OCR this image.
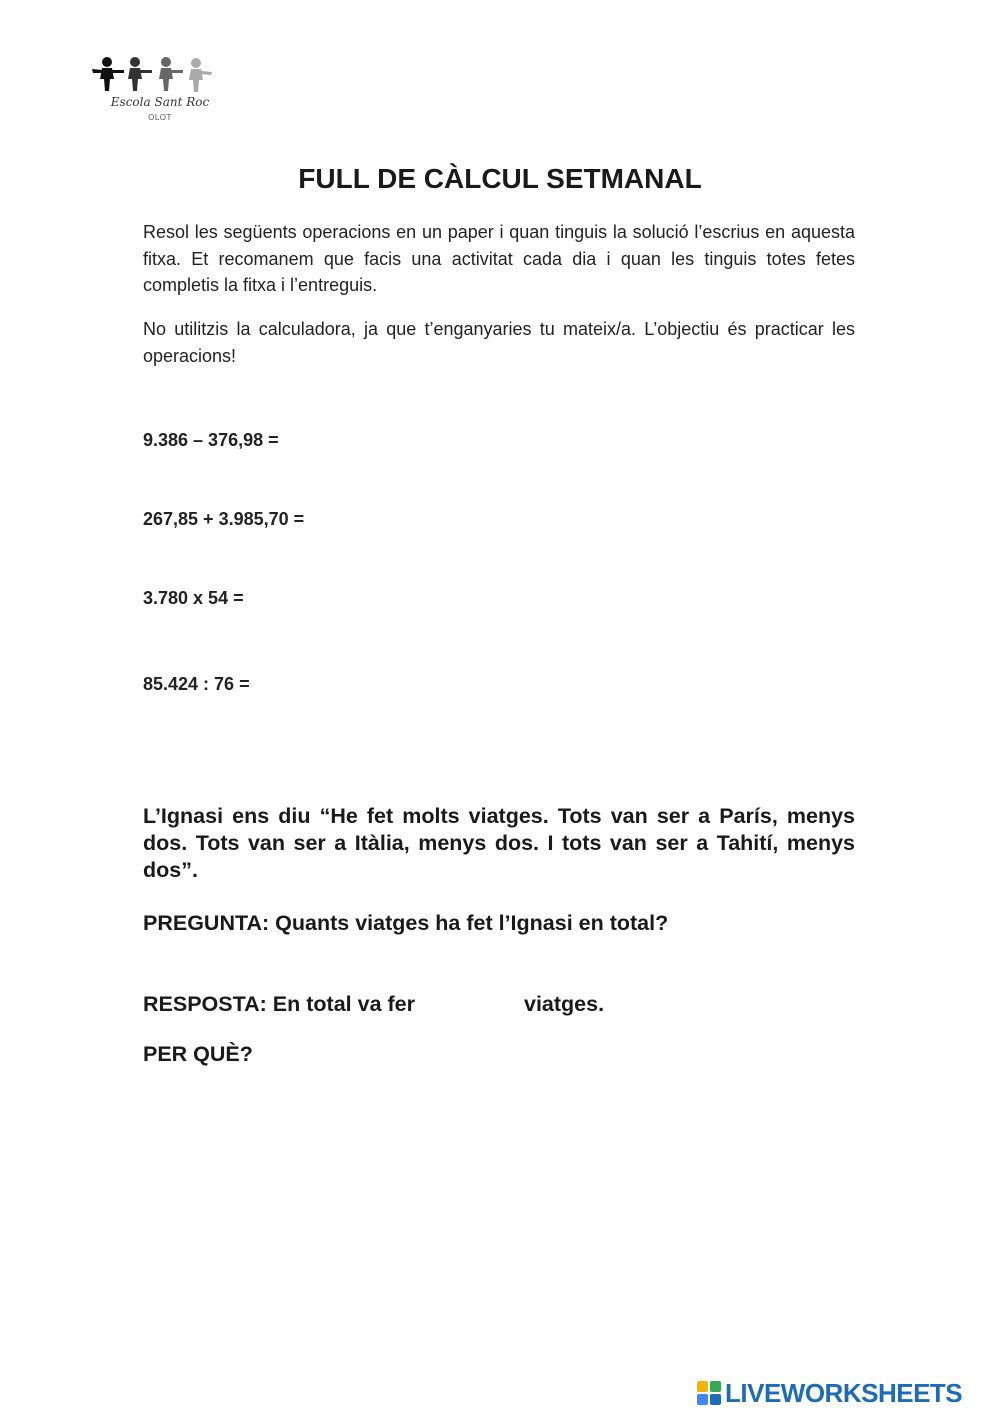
Escola Sant Roc
OLOT
FULL DE CÀLCUL SETMANAL
Resol les següents operacions en un paper i quan tinguis la solució l’escrius en aquesta fitxa. Et recomanem que facis una activitat cada dia i quan les tinguis totes fetes completis la fitxa i l’entreguis.
No utilitzis la calculadora, ja que t’enganyaries tu mateix/a. L’objectiu és practicar les operacions!
9.386 – 376,98 =
267,85 + 3.985,70 =
3.780 x 54 =
85.424 : 76 =
L’Ignasi ens diu “He fet molts viatges. Tots van ser a París, menys dos. Tots van ser a Itàlia, menys dos. I tots van ser a Tahití, menys dos”.
PREGUNTA: Quants viatges ha fet l’Ignasi en total?
RESPOSTA: En total va fer	viatges.
PER QUÈ?
LIVEWORKSHEETS
